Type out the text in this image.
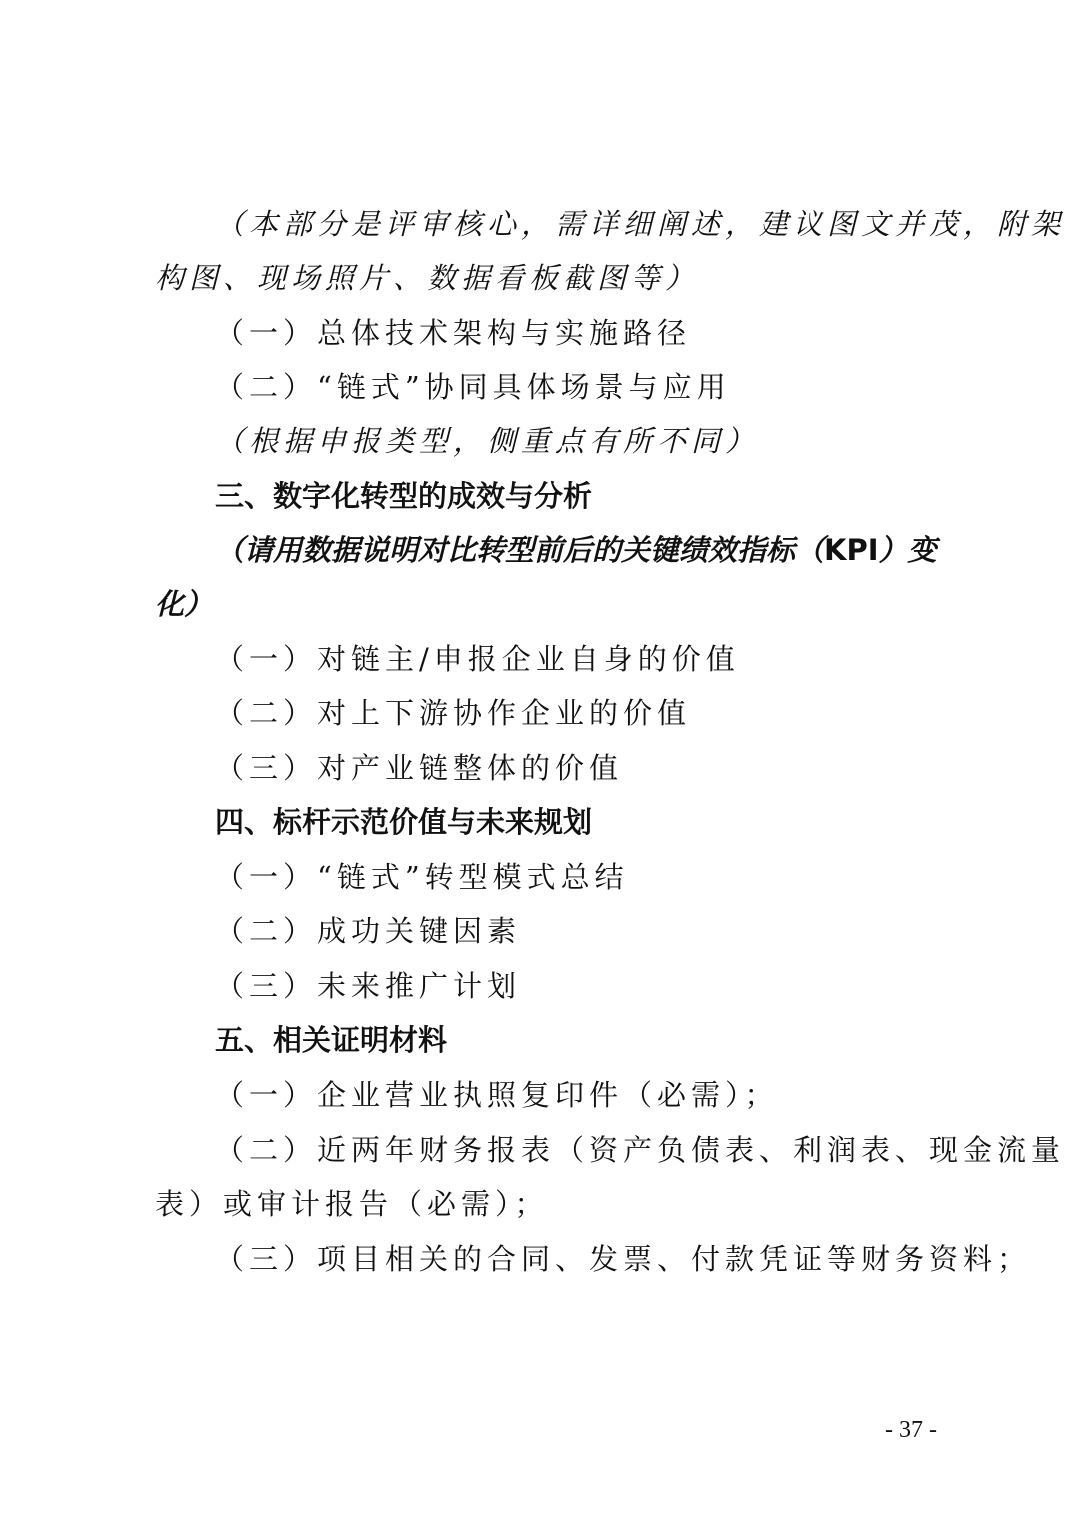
（本部分是评审核心，需详细阐述，建议图文并茂，附架
构图、现场照片、数据看板截图等）
（一）总体技术架构与实施路径
（二）“链式”协同具体场景与应用
（根据申报类型，侧重点有所不同）
三、数字化转型的成效与分析
（请用数据说明对比转型前后的关键绩效指标（KPI）变
化）
（一）对链主/申报企业自身的价值
（二）对上下游协作企业的价值
（三）对产业链整体的价值
四、标杆示范价值与未来规划
（一）“链式”转型模式总结
（二）成功关键因素
（三）未来推广计划
五、相关证明材料
（一）企业营业执照复印件（必需）；
（二）近两年财务报表（资产负债表、利润表、现金流量
表）或审计报告（必需）；
（三）项目相关的合同、发票、付款凭证等财务资料；
- 37 -
